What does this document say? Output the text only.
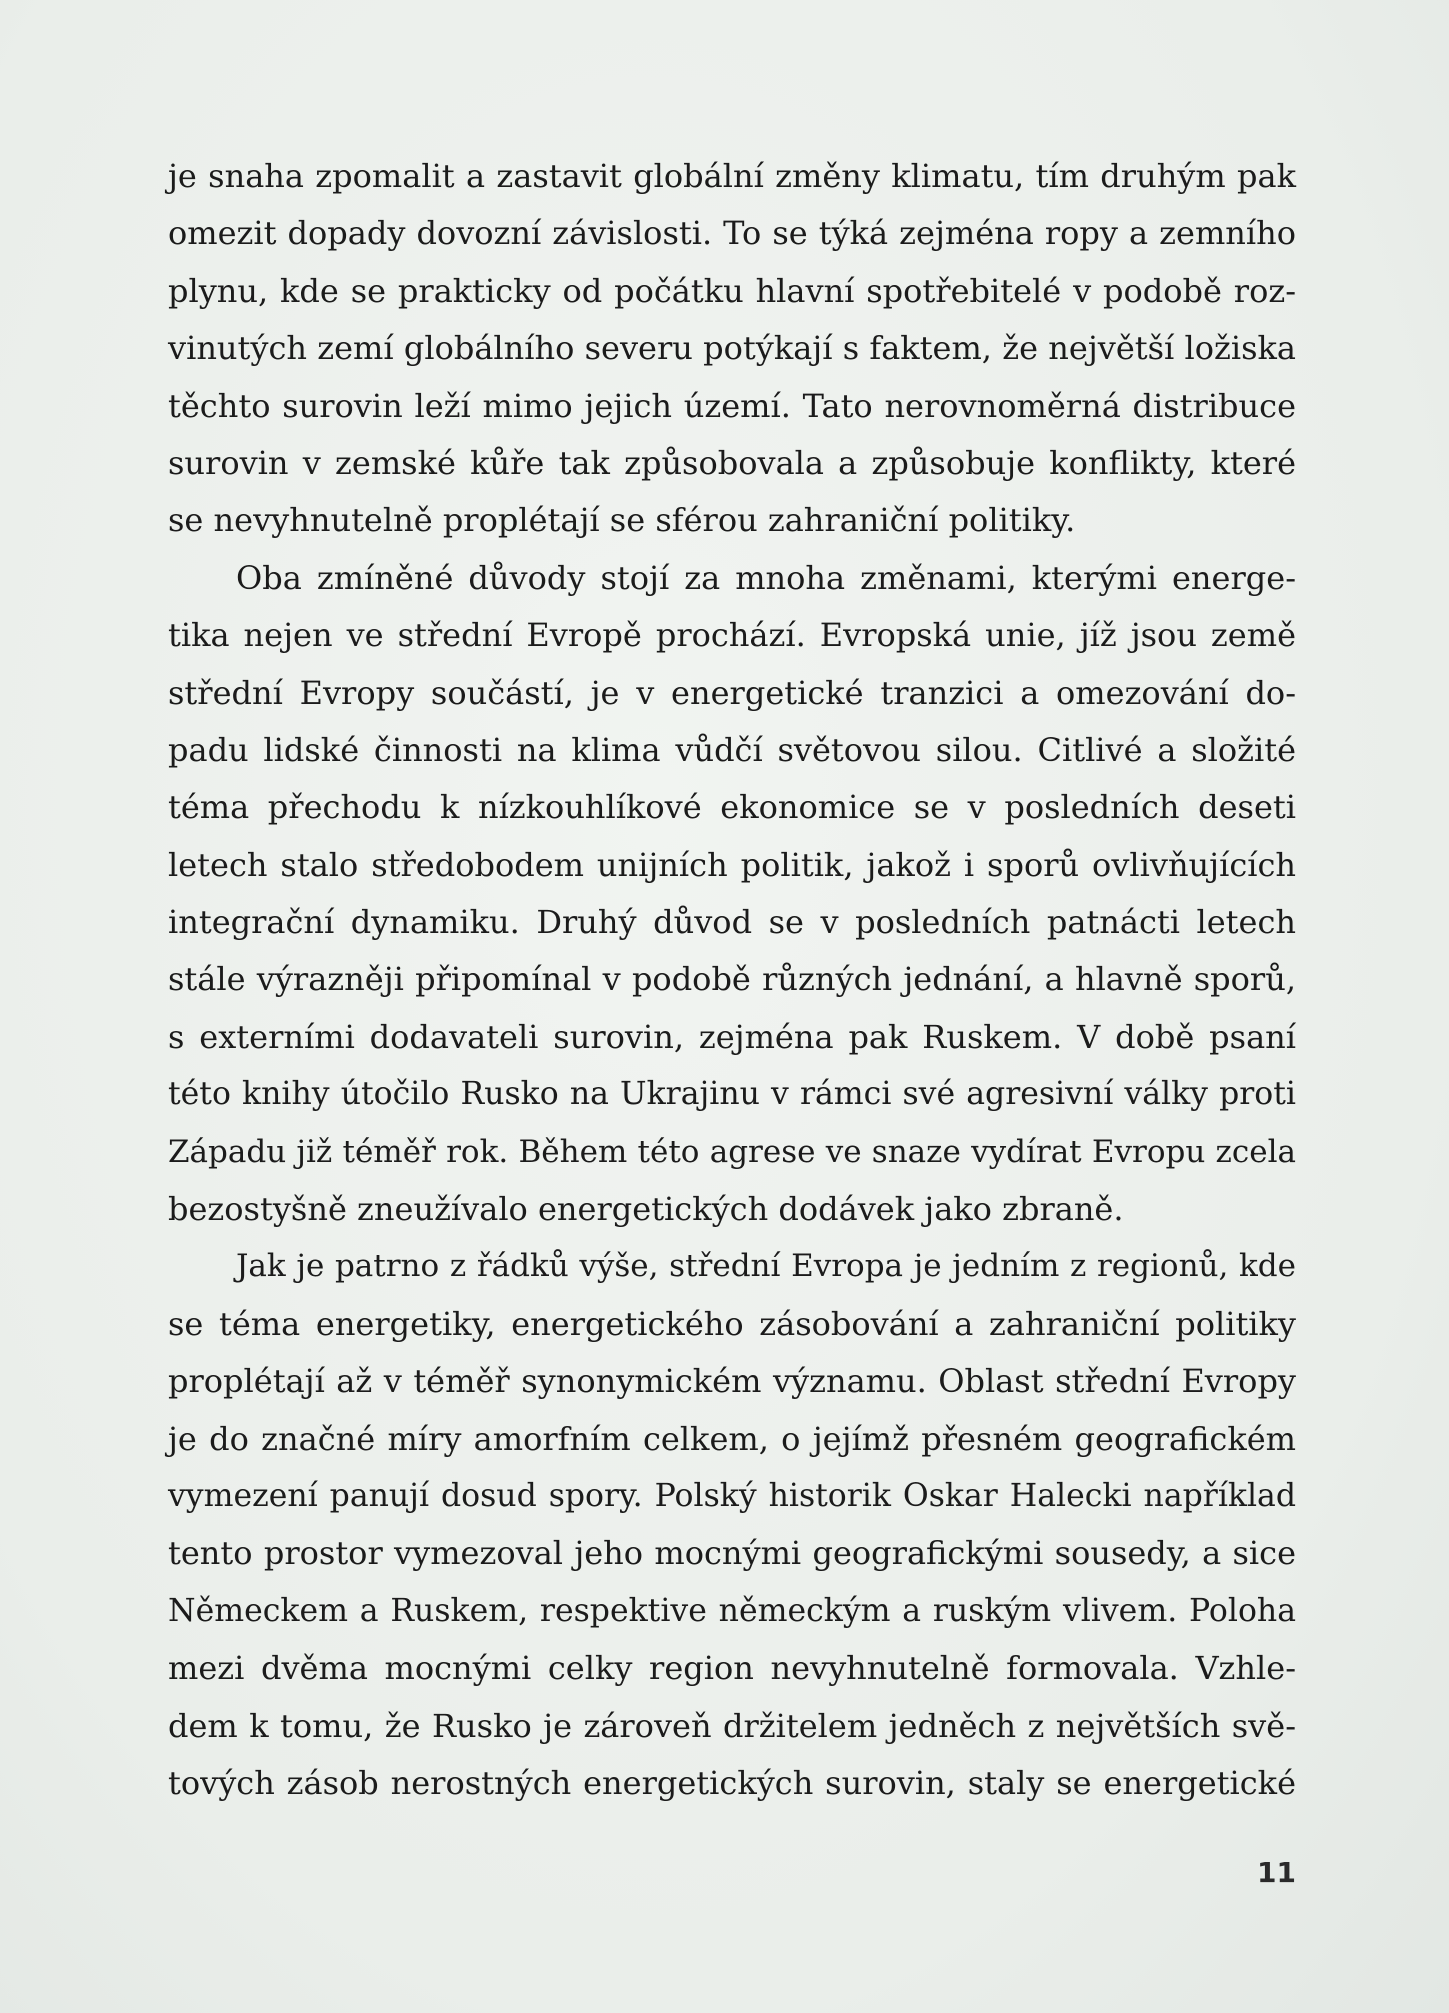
je snaha zpomalit a zastavit globální změny klimatu, tím druhým pak
omezit dopady dovozní závislosti. To se týká zejména ropy a zemního
plynu, kde se prakticky od počátku hlavní spotřebitelé v podobě roz-
vinutých zemí globálního severu potýkají s faktem, že největší ložiska
těchto surovin leží mimo jejich území. Tato nerovnoměrná distribuce
surovin v zemské kůře tak způsobovala a způsobuje konflikty, které
se nevyhnutelně proplétají se sférou zahraniční politiky.
Oba zmíněné důvody stojí za mnoha změnami, kterými energe-
tika nejen ve střední Evropě prochází. Evropská unie, jíž jsou země
střední Evropy součástí, je v energetické tranzici a omezování do-
padu lidské činnosti na klima vůdčí světovou silou. Citlivé a složité
téma přechodu k nízkouhlíkové ekonomice se v posledních deseti
letech stalo středobodem unijních politik, jakož i sporů ovlivňujících
integrační dynamiku. Druhý důvod se v posledních patnácti letech
stále výrazněji připomínal v podobě různých jednání, a hlavně sporů,
s externími dodavateli surovin, zejména pak Ruskem. V době psaní
této knihy útočilo Rusko na Ukrajinu v rámci své agresivní války proti
Západu již téměř rok. Během této agrese ve snaze vydírat Evropu zcela
bezostyšně zneužívalo energetických dodávek jako zbraně.
Jak je patrno z řádků výše, střední Evropa je jedním z regionů, kde
se téma energetiky, energetického zásobování a zahraniční politiky
proplétají až v téměř synonymickém významu. Oblast střední Evropy
je do značné míry amorfním celkem, o jejímž přesném geografickém
vymezení panují dosud spory. Polský historik Oskar Halecki například
tento prostor vymezoval jeho mocnými geografickými sousedy, a sice
Německem a Ruskem, respektive německým a ruským vlivem. Poloha
mezi dvěma mocnými celky region nevyhnutelně formovala. Vzhle-
dem k tomu, že Rusko je zároveň držitelem jedněch z největších svě-
tových zásob nerostných energetických surovin, staly se energetické
11
